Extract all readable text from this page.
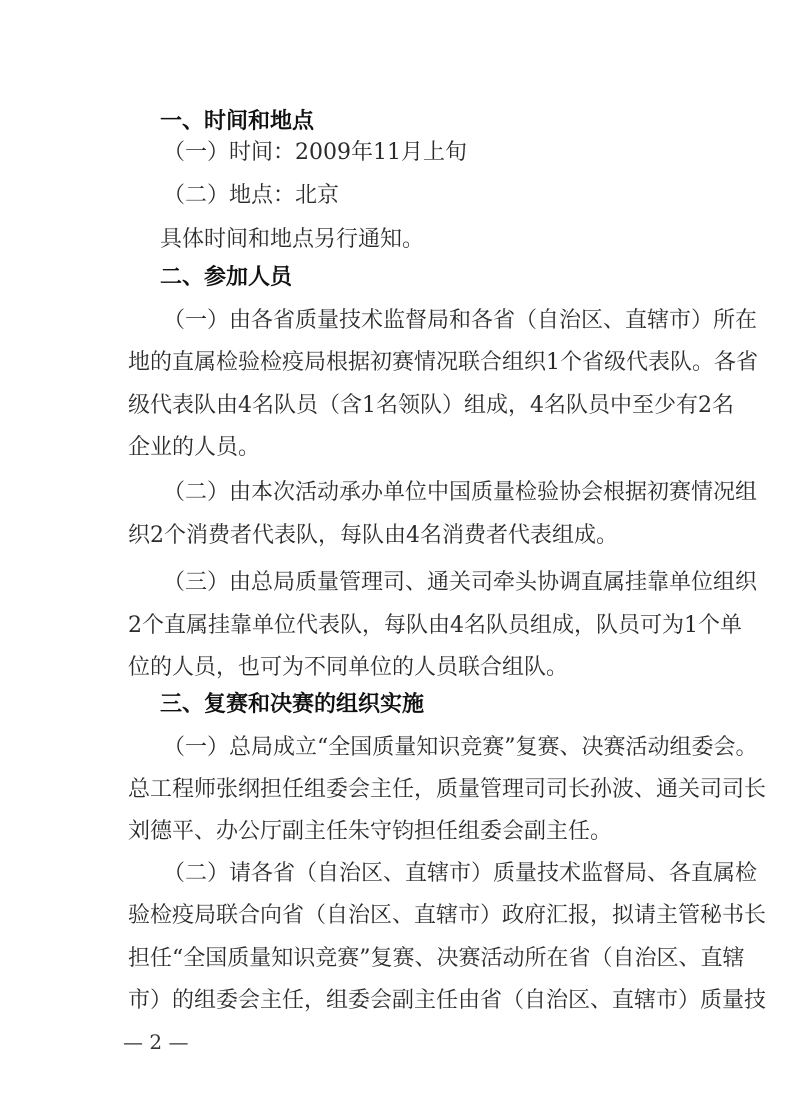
一、时间和地点
（一）时间：2009年11月上旬
（二）地点：北京
具体时间和地点另行通知。
二、参加人员
（一）由各省质量技术监督局和各省（自治区、直辖市）所在
地的直属检验检疫局根据初赛情况联合组织1个省级代表队。各省
级代表队由4名队员（含1名领队）组成，4名队员中至少有2名
企业的人员。
（二）由本次活动承办单位中国质量检验协会根据初赛情况组
织2个消费者代表队，每队由4名消费者代表组成。
（三）由总局质量管理司、通关司牵头协调直属挂靠单位组织
2个直属挂靠单位代表队，每队由4名队员组成，队员可为1个单
位的人员，也可为不同单位的人员联合组队。
三、复赛和决赛的组织实施
（一）总局成立“全国质量知识竞赛”复赛、决赛活动组委会。
总工程师张纲担任组委会主任，质量管理司司长孙波、通关司司长
刘德平、办公厅副主任朱守钧担任组委会副主任。
（二）请各省（自治区、直辖市）质量技术监督局、各直属检
验检疫局联合向省（自治区、直辖市）政府汇报，拟请主管秘书长
担任“全国质量知识竞赛”复赛、决赛活动所在省（自治区、直辖
市）的组委会主任，组委会副主任由省（自治区、直辖市）质量技
— 2 —
